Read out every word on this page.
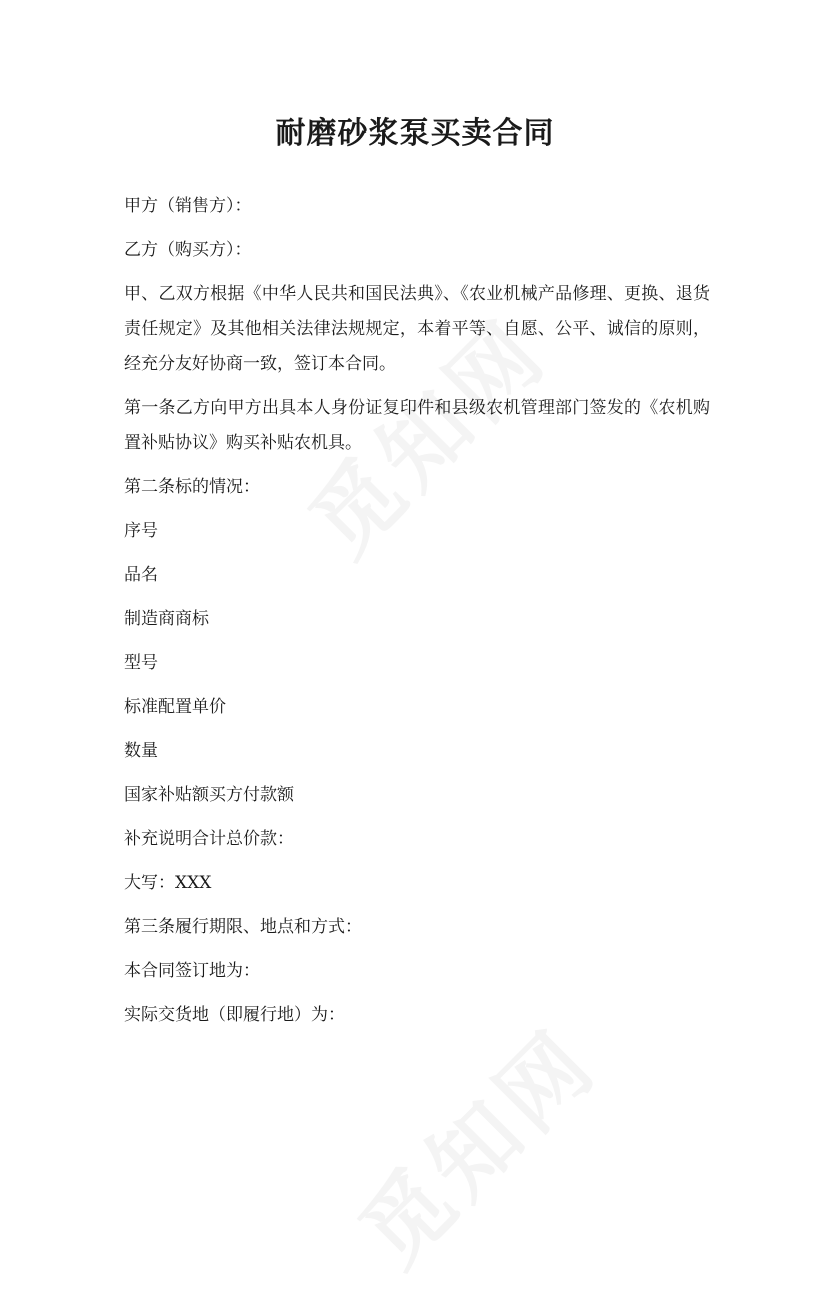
耐磨砂浆泵买卖合同

甲方（销售方）：

乙方（购买方）：

甲、乙双方根据《中华人民共和国民法典》、《农业机械产品修理、更换、退货责任规定》及其他相关法律法规规定，本着平等、自愿、公平、诚信的原则，经充分友好协商一致，签订本合同。

第一条乙方向甲方出具本人身份证复印件和县级农机管理部门签发的《农机购置补贴协议》购买补贴农机具。

第二条标的情况：

序号

品名

制造商商标

型号

标准配置单价

数量

国家补贴额买方付款额

补充说明合计总价款：

大写：XXX

第三条履行期限、地点和方式：

本合同签订地为：

实际交货地（即履行地）为：
